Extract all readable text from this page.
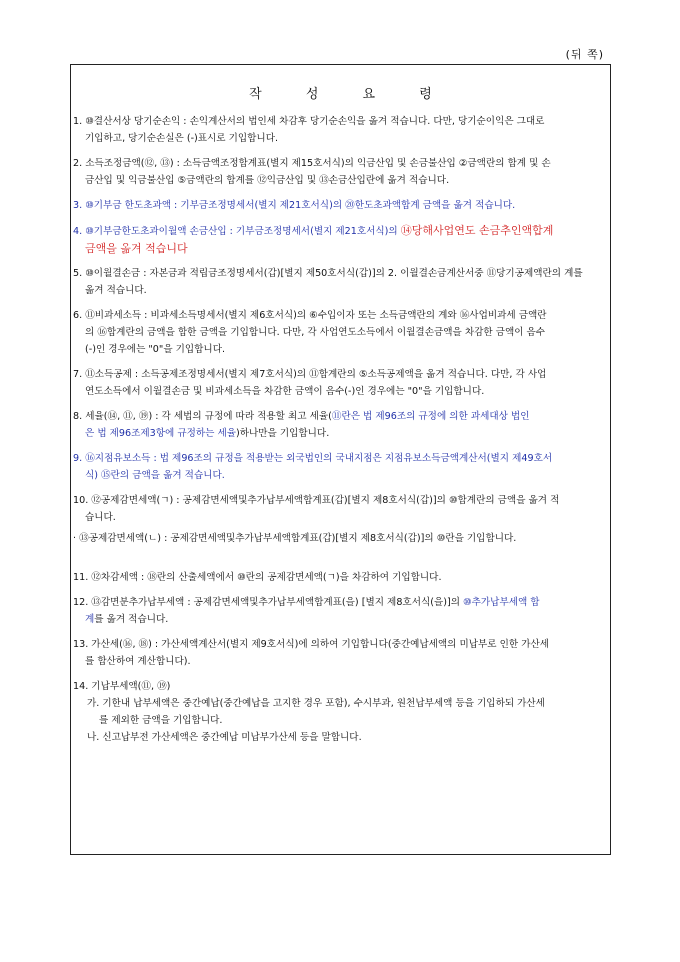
(뒤 쪽)
작 성 요 령
1. ⑩결산서상 당기순손익 : 손익계산서의 법인세 차감후 당기순손익을 옮겨 적습니다. 다만, 당기순이익은 그대로
기입하고, 당기순손실은 (-)표시로 기입합니다.
2. 소득조정금액(⑫, ⑬) : 소득금액조정합계표(별지 제15호서식)의 익금산입 및 손금불산입 ②금액란의 합계 및 손
금산입 및 익금불산입 ⑤금액란의 합계를 ⑫익금산입 및 ⑬손금산입란에 옮겨 적습니다.
3. ⑩기부금 한도초과액 : 기부금조정명세서(별지 제21호서식)의 ⑳한도초과액합계 금액을 옮겨 적습니다.
4. ⑩기부금한도초과이월액 손금산입 : 기부금조정명세서(별지 제21호서식)의 ⑭당해사업연도 손금추인액합계
금액을 옮겨 적습니다
5. ⑩이월결손금 : 자본금과 적립금조정명세서(갑)[별지 제50호서식(갑)]의 2. 이월결손금계산서중 ⑪당기공제액란의 계를
옮겨 적습니다.
6. ⑪비과세소득 : 비과세소득명세서(별지 제6호서식)의 ⑥수입이자 또는 소득금액란의 계와 ⑯사업비과세 금액란
의 ⑯합계란의 금액을 합한 금액을 기입합니다. 다만, 각 사업연도소득에서 이월결손금액을 차감한 금액이 음수
(-)인 경우에는 "0"을 기입합니다.
7. ⑪소득공제 : 소득공제조정명세서(별지 제7호서식)의 ⑪합계란의 ⑤소득공제액을 옮겨 적습니다. 다만, 각 사업
연도소득에서 이월결손금 및 비과세소득을 차감한 금액이 음수(-)인 경우에는 "0"을 기입합니다.
8. 세율(⑭, ⑪, ⑲) : 각 세법의 규정에 따라 적용할 최고 세율(⑪란은 법 제96조의 규정에 의한 과세대상 법인
은 법 제96조제3항에 규정하는 세율)하나만을 기입합니다.
9. ⑯지점유보소득 : 법 제96조의 규정을 적용받는 외국법인의 국내지점은 지점유보소득금액계산서(별지 제49호서
식) ⑮란의 금액을 옮겨 적습니다.
10. ⑫공제감면세액(ㄱ) : 공제감면세액및추가납부세액합계표(갑)[별지 제8호서식(갑)]의 ⑩합계란의 금액을 옮겨 적
습니다.
· ⑬공제감면세액(ㄴ) : 공제감면세액및추가납부세액합계표(갑)[별지 제8호서식(갑)]의 ⑩란을 기입합니다.
11. ⑫차감세액 : ⑱란의 산출세액에서 ⑩란의 공제감면세액(ㄱ)을 차감하여 기입합니다.
12. ⑬감면분추가납부세액 : 공제감면세액및추가납부세액합계표(을) [별지 제8호서식(을)]의 ⑩추가납부세액 합
계를 옮겨 적습니다.
13. 가산세(⑯, ⑱) : 가산세액계산서(별지 제9호서식)에 의하여 기입합니다(중간예납세액의 미납부로 인한 가산세
를 합산하여 계산합니다).
14. 기납부세액(⑪, ⑲)
가. 기한내 납부세액은 중간예납(중간예납을 고지한 경우 포함), 수시부과, 원천납부세액 등을 기입하되 가산세
를 제외한 금액을 기입합니다.
나. 신고납부전 가산세액은 중간예납 미납부가산세 등을 말합니다.
